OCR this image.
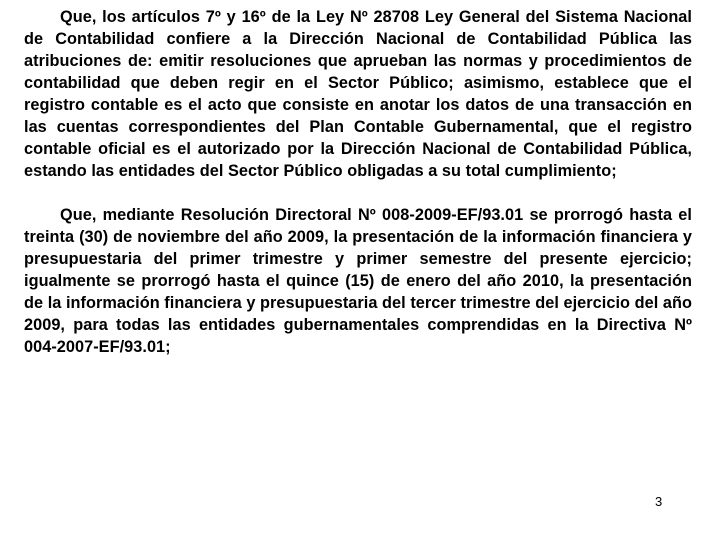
Que, los artículos 7º y 16º de la Ley Nº 28708 Ley General del Sistema Nacional de Contabilidad confiere a la Dirección Nacional de Contabilidad Pública las atribuciones de: emitir resoluciones que aprueban las normas y procedimientos de contabilidad que deben regir en el Sector Público; asimismo, establece que el registro contable es el acto que consiste en anotar los datos de una transacción en las cuentas correspondientes del Plan Contable Gubernamental, que el registro contable oficial es el autorizado por la Dirección Nacional de Contabilidad Pública, estando las entidades del Sector Público obligadas a su total cumplimiento;

Que, mediante Resolución Directoral Nº 008-2009-EF/93.01 se prorrogó hasta el treinta (30) de noviembre del año 2009, la presentación de la información financiera y presupuestaria del primer trimestre y primer semestre del presente ejercicio; igualmente se prorrogó hasta el quince (15) de enero del año 2010, la presentación de la información financiera y presupuestaria del tercer trimestre del ejercicio del año 2009, para todas las entidades gubernamentales comprendidas en la Directiva Nº 004-2007-EF/93.01;

3
